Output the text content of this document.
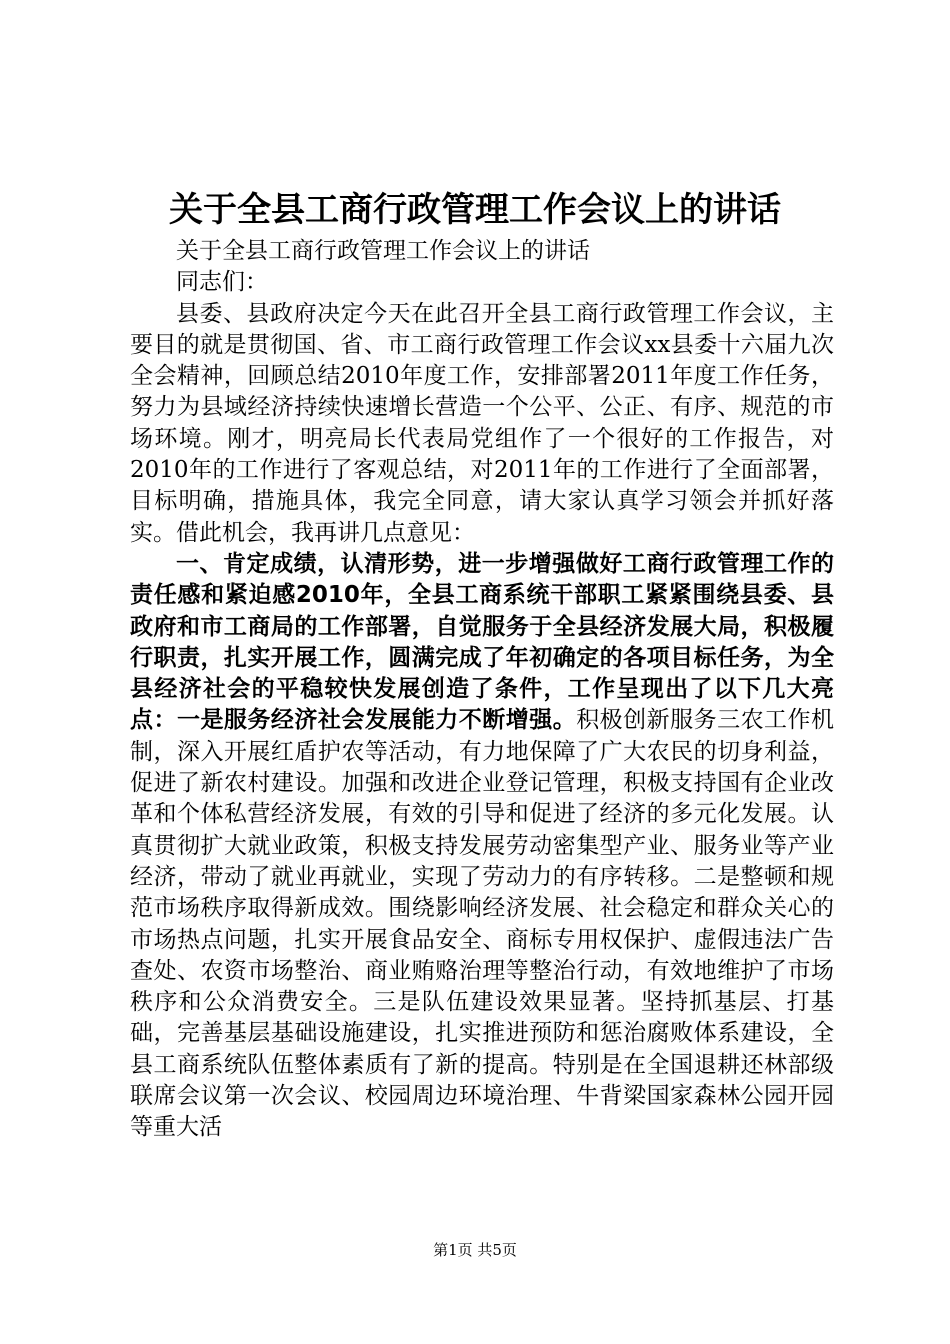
关于全县工商行政管理工作会议上的讲话

关于全县工商行政管理工作会议上的讲话

同志们：

县委、县政府决定今天在此召开全县工商行政管理工作会议，主要目的就是贯彻国、省、市工商行政管理工作会议xx县委十六届九次全会精神，回顾总结2010年度工作，安排部署2011年度工作任务，努力为县域经济持续快速增长营造一个公平、公正、有序、规范的市场环境。刚才，明亮局长代表局党组作了一个很好的工作报告，对2010年的工作进行了客观总结，对2011年的工作进行了全面部署，目标明确，措施具体，我完全同意，请大家认真学习领会并抓好落实。借此机会，我再讲几点意见：

一、肯定成绩，认清形势，进一步增强做好工商行政管理工作的责任感和紧迫感2010年，全县工商系统干部职工紧紧围绕县委、县政府和市工商局的工作部署，自觉服务于全县经济发展大局，积极履行职责，扎实开展工作，圆满完成了年初确定的各项目标任务，为全县经济社会的平稳较快发展创造了条件，工作呈现出了以下几大亮点：一是服务经济社会发展能力不断增强。积极创新服务三农工作机制，深入开展红盾护农等活动，有力地保障了广大农民的切身利益，促进了新农村建设。加强和改进企业登记管理，积极支持国有企业改革和个体私营经济发展，有效的引导和促进了经济的多元化发展。认真贯彻扩大就业政策，积极支持发展劳动密集型产业、服务业等产业经济，带动了就业再就业，实现了劳动力的有序转移。二是整顿和规范市场秩序取得新成效。围绕影响经济发展、社会稳定和群众关心的市场热点问题，扎实开展食品安全、商标专用权保护、虚假违法广告查处、农资市场整治、商业贿赂治理等整治行动，有效地维护了市场秩序和公众消费安全。三是队伍建设效果显著。坚持抓基层、打基础，完善基层基础设施建设，扎实推进预防和惩治腐败体系建设，全县工商系统队伍整体素质有了新的提高。特别是在全国退耕还林部级联席会议第一次会议、校园周边环境治理、牛背梁国家森林公园开园等重大活

第1页 共5页
